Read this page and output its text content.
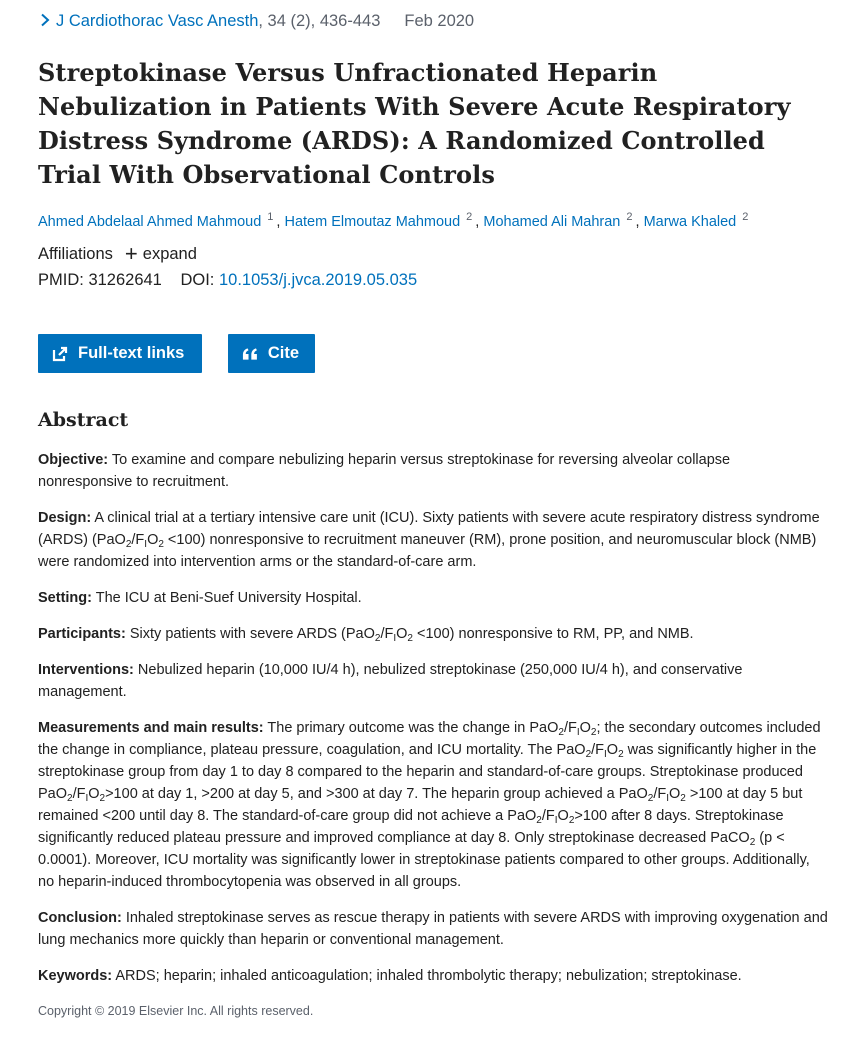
J Cardiothorac Vasc Anesth, 34 (2), 436-443 Feb 2020
Streptokinase Versus Unfractionated Heparin Nebulization in Patients With Severe Acute Respiratory Distress Syndrome (ARDS): A Randomized Controlled Trial With Observational Controls
Ahmed Abdelaal Ahmed Mahmoud $^1$ , Hatem Elmoutaz Mahmoud $^2$ , Mohamed Ali Mahran $^2$ , Marwa Khaled $^2$
Affiliations + expand
PMID: 31262641 DOI: 10.1053/j.jvca.2019.05.035
Full-text links	Cite
Abstract

Objective: To examine and compare nebulizing heparin versus streptokinase for reversing alveolar collapse nonresponsive to recruitment.

Design: A clinical trial at a tertiary intensive care unit (ICU). Sixty patients with severe acute respiratory distress syndrome (ARDS) $(PaO_2/F_IO_2 <100)$ nonresponsive to recruitment maneuver (RM), prone position, and neuromuscular block (NMB) were randomized into intervention arms or the standard-of-care arm.

Setting: The ICU at Beni-Suef University Hospital.

Participants: Sixty patients with severe ARDS $(PaO_2/F_IO_2 <100)$ nonresponsive to RM, PP, and NMB.

Interventions: Nebulized heparin (10,000 IU/4 h), nebulized streptokinase (250,000 IU/4 h), and conservative management.

Measurements and main results: The primary outcome was the change in $PaO_2/F_IO_2$; the secondary outcomes included the change in compliance, plateau pressure, coagulation, and ICU mortality. The $PaO_2/F_IO_2$ was significantly higher in the streptokinase group from day 1 to day 8 compared to the heparin and standard-of-care groups. Streptokinase produced $PaO_2/F_IO_2>100$ at day 1, >200 at day 5, and >300 at day 7. The heparin group achieved a $PaO_2/F_IO_2 >100$ at day 5 but remained <200 until day 8. The standard-of-care group did not achieve a $PaO_2/F_IO_2>100$ after 8 days. Streptokinase significantly reduced plateau pressure and improved compliance at day 8. Only streptokinase decreased PaCO$_2$ (p < 0.0001). Moreover, ICU mortality was significantly lower in streptokinase patients compared to other groups. Additionally, no heparin-induced thrombocytopenia was observed in all groups.

Conclusion: Inhaled streptokinase serves as rescue therapy in patients with severe ARDS with improving oxygenation and lung mechanics more quickly than heparin or conventional management.

Keywords: ARDS; heparin; inhaled anticoagulation; inhaled thrombolytic therapy; nebulization; streptokinase.

Copyright © 2019 Elsevier Inc. All rights reserved.
